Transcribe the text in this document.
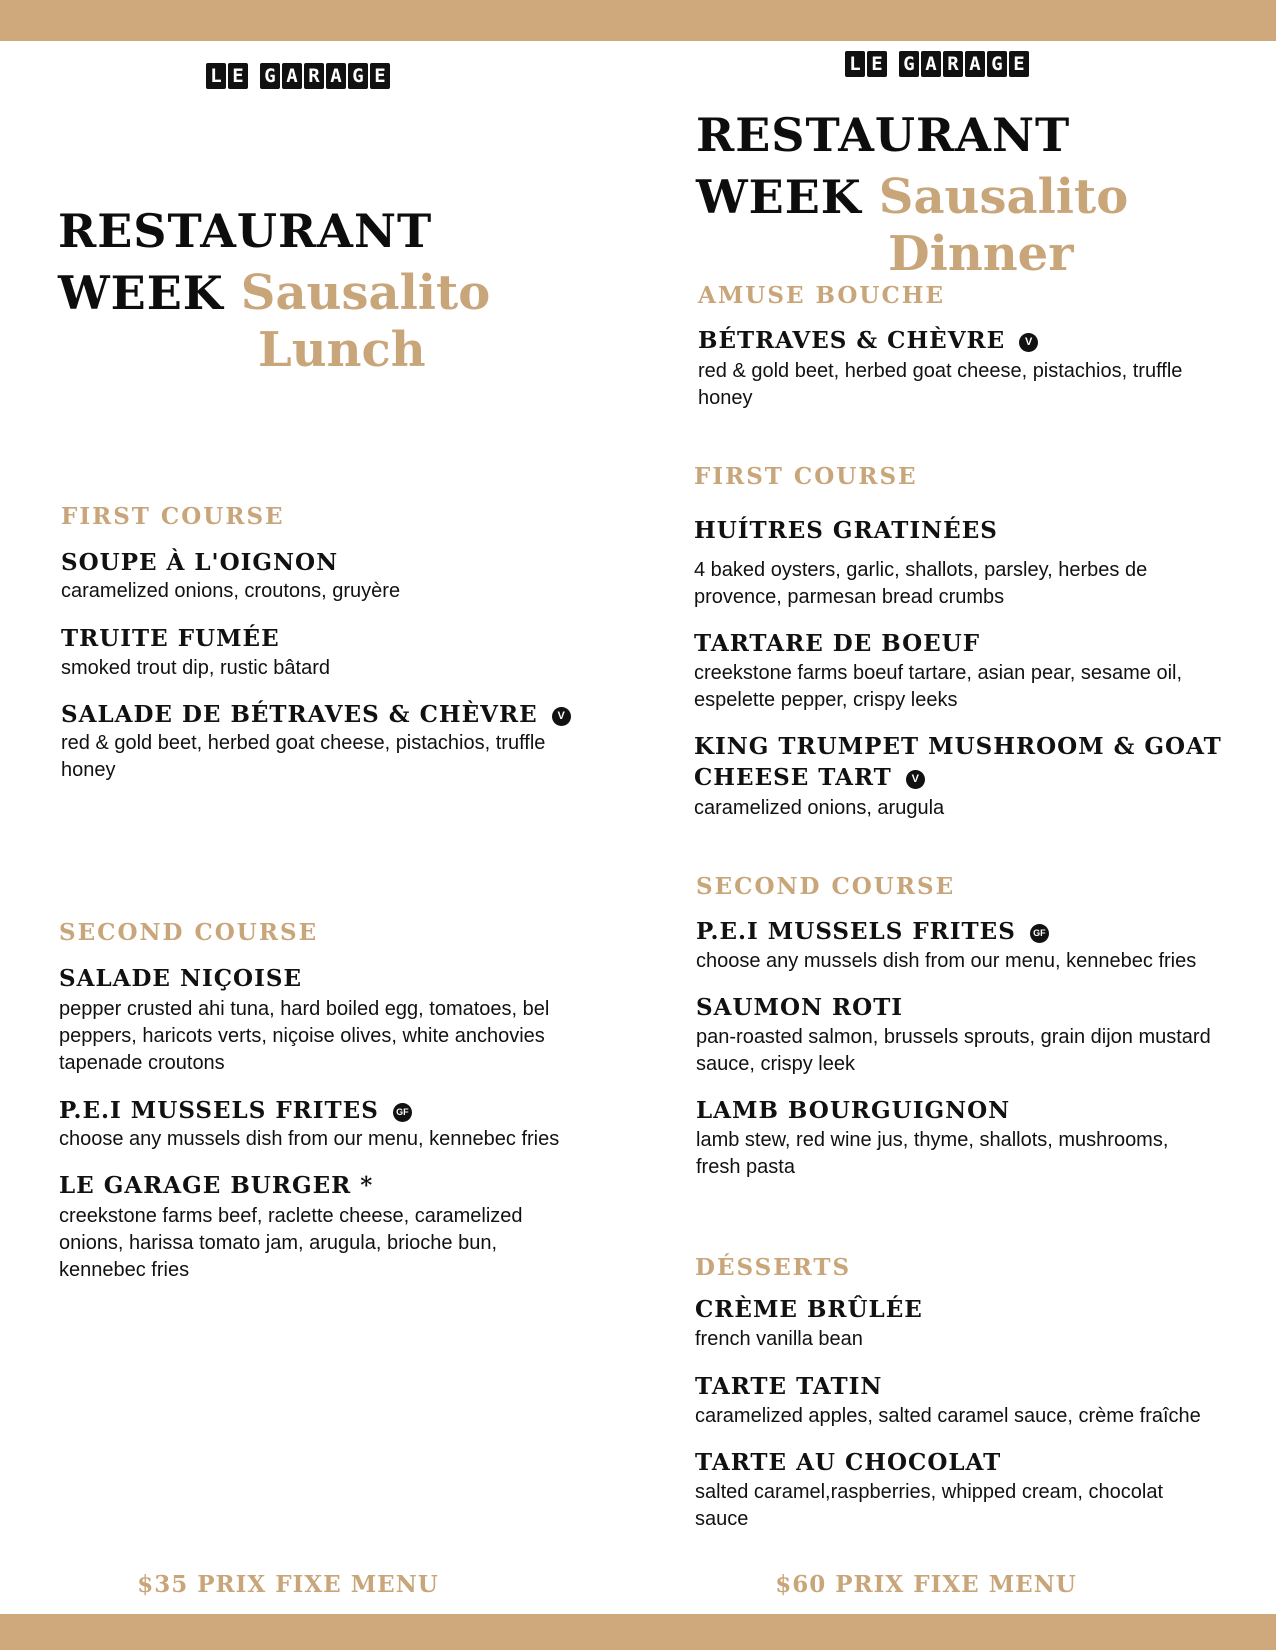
L E G A R A G E
RESTAURANT
WEEK Sausalito
Lunch
FIRST COURSE
SOUPE À L'OIGNON
caramelized onions, croutons, gruyère
TRUITE FUMÉE
smoked trout dip, rustic bâtard
SALADE DE BÉTRAVES & CHÈVRE V
red & gold beet, herbed goat cheese, pistachios, truffle honey
SECOND COURSE
SALADE NIÇOISE
pepper crusted ahi tuna, hard boiled egg, tomatoes, bel peppers, haricots verts, niçoise olives, white anchovies tapenade croutons
P.E.I MUSSELS FRITES GF
choose any mussels dish from our menu, kennebec fries
LE GARAGE BURGER *
creekstone farms beef, raclette cheese, caramelized onions, harissa tomato jam, arugula, brioche bun, kennebec fries
$35 PRIX FIXE MENU
L E G A R A G E
RESTAURANT
WEEK Sausalito
Dinner
AMUSE BOUCHE
BÉTRAVES & CHÈVRE V
red & gold beet, herbed goat cheese, pistachios, truffle honey
FIRST COURSE
HUÍTRES GRATINÉES
4 baked oysters, garlic, shallots, parsley, herbes de provence, parmesan bread crumbs
TARTARE DE BOEUF
creekstone farms boeuf tartare, asian pear, sesame oil, espelette pepper, crispy leeks
KING TRUMPET MUSHROOM & GOAT
CHEESE TART V
caramelized onions, arugula
SECOND COURSE
P.E.I MUSSELS FRITES GF
choose any mussels dish from our menu, kennebec fries
SAUMON ROTI
pan-roasted salmon, brussels sprouts, grain dijon mustard sauce, crispy leek
LAMB BOURGUIGNON
lamb stew, red wine jus, thyme, shallots, mushrooms, fresh pasta
DÉSSERTS
CRÈME BRÛLÉE
french vanilla bean
TARTE TATIN
caramelized apples, salted caramel sauce, crème fraîche
TARTE AU CHOCOLAT
salted caramel,raspberries, whipped cream, chocolat sauce
$60 PRIX FIXE MENU
